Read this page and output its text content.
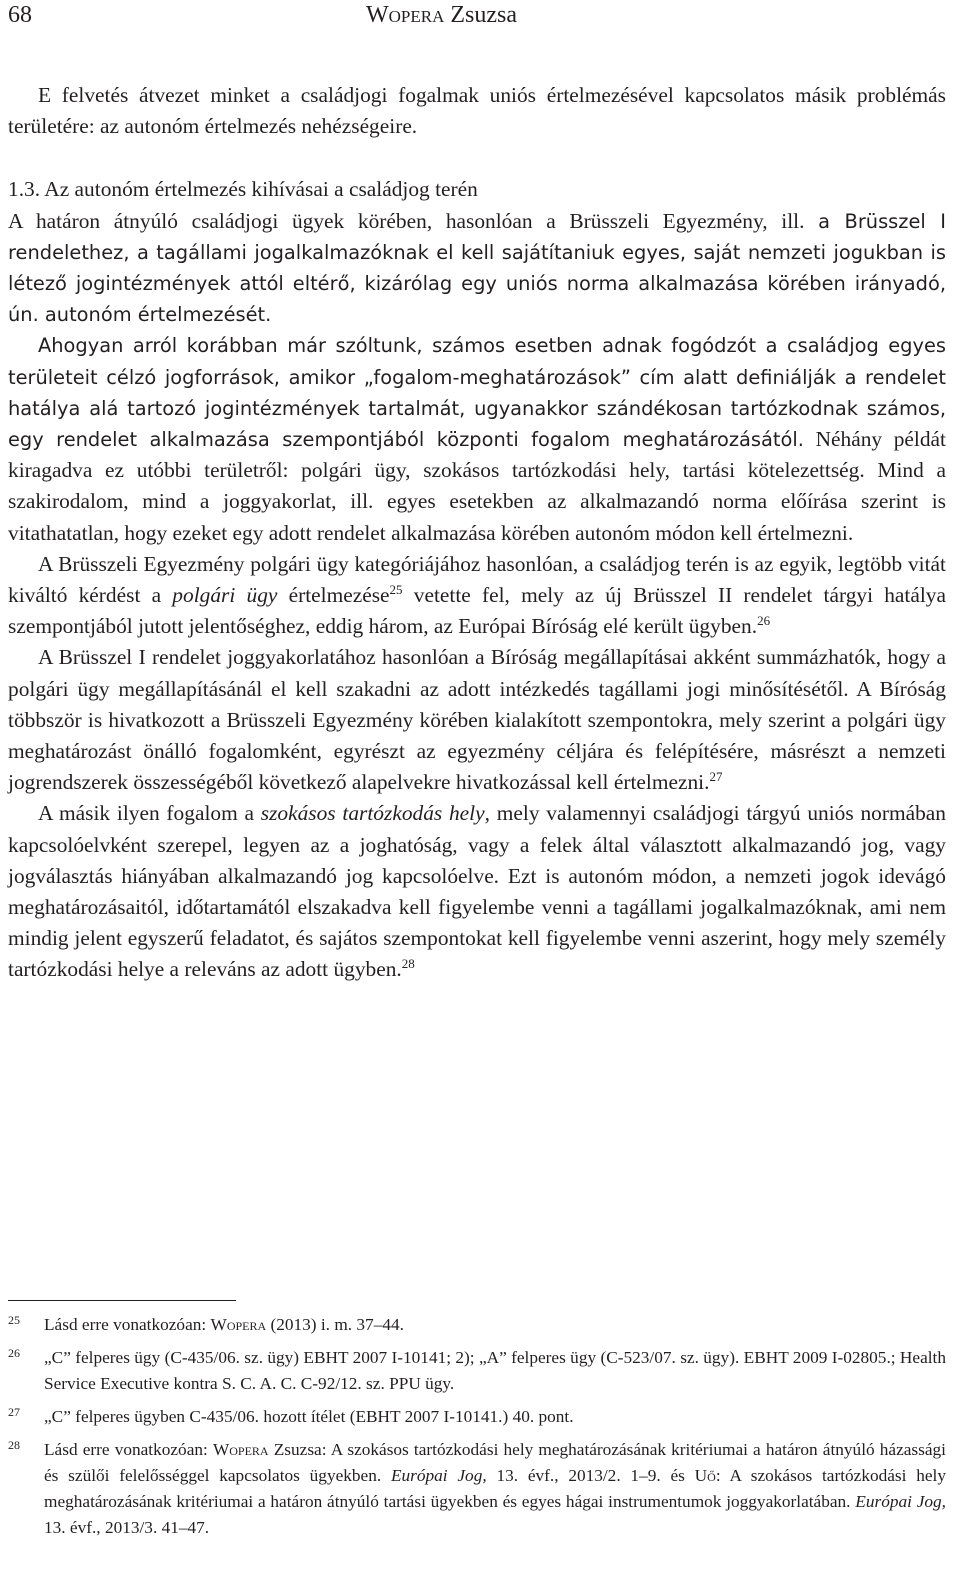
68	Wopera Zsuzsa

E felvetés átvezet minket a családjogi fogalmak uniós értelmezésével kapcsolatos másik problémás területére: az autonóm értelmezés nehézségeire.

1.3. Az autonóm értelmezés kihívásai a családjog terén

A határon átnyúló családjogi ügyek körében, hasonlóan a Brüsszeli Egyezmény, ill. a Brüsszel I rendelethez, a tagállami jogalkalmazóknak el kell sajátítaniuk egyes, saját nemzeti jogukban is létező jogintézmények attól eltérő, kizárólag egy uniós norma alkalmazása körében irányadó, ún. autonóm értelmezését.

Ahogyan arról korábban már szóltunk, számos esetben adnak fogódzót a családjog egyes területeit célzó jogforrások, amikor „fogalom-meghatározások” cím alatt definiálják a rendelet hatálya alá tartozó jogintézmények tartalmát, ugyanakkor szándékosan tartózkodnak számos, egy rendelet alkalmazása szempontjából központi fogalom meghatározásától. Néhány példát kiragadva ez utóbbi területről: polgári ügy, szokásos tartózkodási hely, tartási kötelezettség. Mind a szakirodalom, mind a joggyakorlat, ill. egyes esetekben az alkalmazandó norma előírása szerint is vitathatatlan, hogy ezeket egy adott rendelet alkalmazása körében autonóm módon kell értelmezni.

A Brüsszeli Egyezmény polgári ügy kategóriájához hasonlóan, a családjog terén is az egyik, legtöbb vitát kiváltó kérdést a polgári ügy értelmezése$^{25}$ vetette fel, mely az új Brüsszel II rendelet tárgyi hatálya szempontjából jutott jelentőséghez, eddig három, az Európai Bíróság elé került ügyben.$^{26}$

A Brüsszel I rendelet joggyakorlatához hasonlóan a Bíróság megállapításai akként summázhatók, hogy a polgári ügy megállapításánál el kell szakadni az adott intézkedés tagállami jogi minősítésétől. A Bíróság többször is hivatkozott a Brüsszeli Egyezmény körében kialakított szempontokra, mely szerint a polgári ügy meghatározást önálló fogalomként, egyrészt az egyezmény céljára és felépítésére, másrészt a nemzeti jogrendszerek összességéből következő alapelvekre hivatkozással kell értelmezni.$^{27}$

A másik ilyen fogalom a szokásos tartózkodás hely, mely valamennyi családjogi tárgyú uniós normában kapcsolóelvként szerepel, legyen az a joghatóság, vagy a felek által választott alkalmazandó jog, vagy jogválasztás hiányában alkalmazandó jog kapcsolóelve. Ezt is autonóm módon, a nemzeti jogok idevágó meghatározásaitól, időtartamától elszakadva kell figyelembe venni a tagállami jogalkalmazóknak, ami nem mindig jelent egyszerű feladatot, és sajátos szempontokat kell figyelembe venni aszerint, hogy mely személy tartózkodási helye a releváns az adott ügyben.$^{28}$

25 Lásd erre vonatkozóan: Wopera (2013) i. m. 37–44.
26 „C” felperes ügy (C-435/06. sz. ügy) EBHT 2007 I-10141; 2); „A” felperes ügy (C-523/07. sz. ügy). EBHT 2009 I-02805.; Health Service Executive kontra S. C. A. C. C-92/12. sz. PPU ügy.
27 „C” felperes ügyben C-435/06. hozott ítélet (EBHT 2007 I-10141.) 40. pont.
28 Lásd erre vonatkozóan: Wopera Zsuzsa: A szokásos tartózkodási hely meghatározásának kritériumai a határon átnyúló házassági és szülői felelősséggel kapcsolatos ügyekben. Európai Jog, 13. évf., 2013/2. 1–9. és Uő: A szokásos tartózkodási hely meghatározásának kritériumai a határon átnyúló tartási ügyekben és egyes hágai instrumentumok joggyakorlatában. Európai Jog, 13. évf., 2013/3. 41–47.
